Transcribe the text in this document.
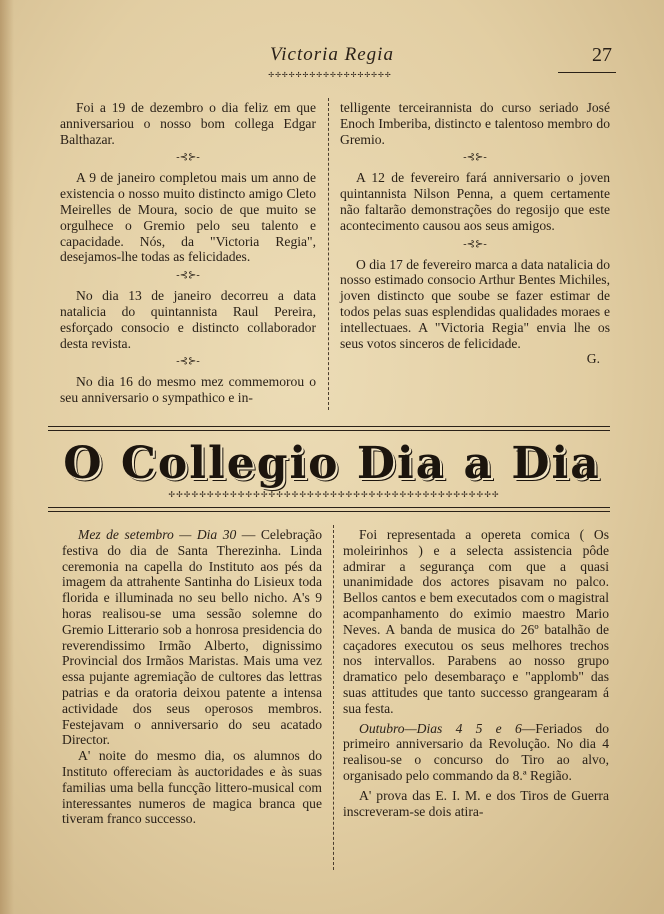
Victoria Regia	27
✢✢✢✢✢✢✢✢✢✢✢✢✢✢✢✢✢✢

Foi a 19 de dezembro o dia feliz em que anniversariou o nosso bom collega Edgar Balthazar.

-⊰⊱-

A 9 de janeiro completou mais um anno de existencia o nosso muito distincto amigo Cleto Meirelles de Moura, socio de que muito se orgulhece o Gremio pelo seu talento e capacidade. Nós, da "Victoria Regia", desejamos-lhe todas as felicidades.

-⊰⊱-

No dia 13 de janeiro decorreu a data natalicia do quintannista Raul Pereira, esforçado consocio e distincto collaborador desta revista.

-⊰⊱-

No dia 16 do mesmo mez commemorou o seu anniversario o sympathico e in-

telligente terceirannista do curso seriado José Enoch Imberiba, distincto e talentoso membro do Gremio.

-⊰⊱-

A 12 de fevereiro fará anniversario o joven quintannista Nilson Penna, a quem certamente não faltarão demonstrações do regosijo que este acontecimento causou aos seus amigos.

-⊰⊱-

O dia 17 de fevereiro marca a data natalicia do nosso estimado consocio Arthur Bentes Michiles, joven distincto que soube se fazer estimar de todos pelas suas esplendidas qualidades moraes e intellectuaes. A "Victoria Regia" envia lhe os seus votos sinceros de felicidade.

G.

O Collegio Dia a Dia
✢✢✢✢✢✢✢✢✢✢✢✢✢✢✢✢✢✢✢✢✢✢✢✢✢✢✢✢✢✢✢✢✢✢✢✢✢✢✢✢✢✢✢

Mez de setembro — Dia 30 — Celebração festiva do dia de Santa Therezinha. Linda ceremonia na capella do Instituto aos pés da imagem da attrahente Santinha do Lisieux toda florida e illuminada no seu bello nicho. A's 9 horas realisou-se uma sessão solemne do Gremio Litterario sob a honrosa presidencia do reverendissimo Irmão Alberto, dignissimo Provincial dos Irmãos Maristas. Mais uma vez essa pujante agremiação de cultores das lettras patrias e da oratoria deixou patente a intensa actividade dos seus operosos membros. Festejavam o anniversario do seu acatado Director.

A' noite do mesmo dia, os alumnos do Instituto offereciam às auctoridades e às suas familias uma bella funcção littero-musical com interessantes numeros de magica branca que tiveram franco successo.

Foi representada a opereta comica ( Os moleirinhos ) e a selecta assistencia pôde admirar a segurança com que a quasi unanimidade dos actores pisavam no palco. Bellos cantos e bem executados com o magistral acompanhamento do eximio maestro Mario Neves. A banda de musica do 26º batalhão de caçadores executou os seus melhores trechos nos intervallos. Parabens ao nosso grupo dramatico pelo desembaraço e "applomb" das suas attitudes que tanto successo grangearam á sua festa.

Outubro—Dias 4 5 e 6—Feriados do primeiro anniversario da Revolução. No dia 4 realisou-se o concurso do Tiro ao alvo, organisado pelo commando da 8.ª Região.

A' prova das E. I. M. e dos Tiros de Guerra inscreveram-se dois atira-
